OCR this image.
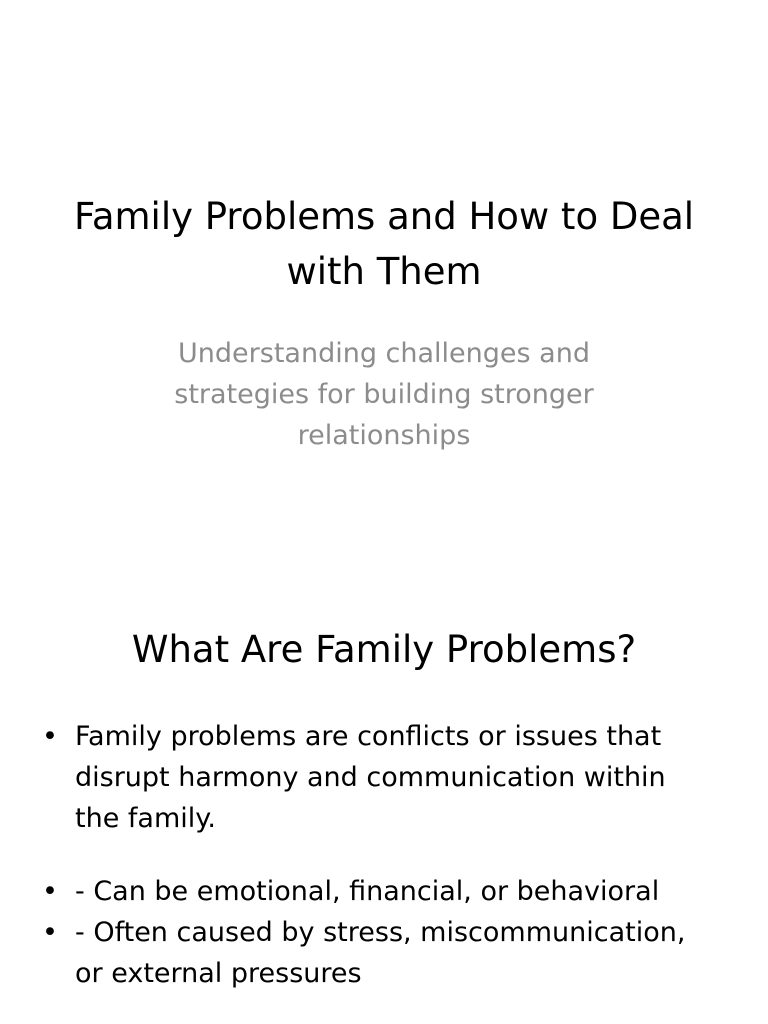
Family Problems and How to Deal with Them

Understanding challenges and strategies for building stronger relationships

What Are Family Problems?
• Family problems are conflicts or issues that disrupt harmony and communication within the family.
• - Can be emotional, financial, or behavioral
• - Often caused by stress, miscommunication, or external pressures
